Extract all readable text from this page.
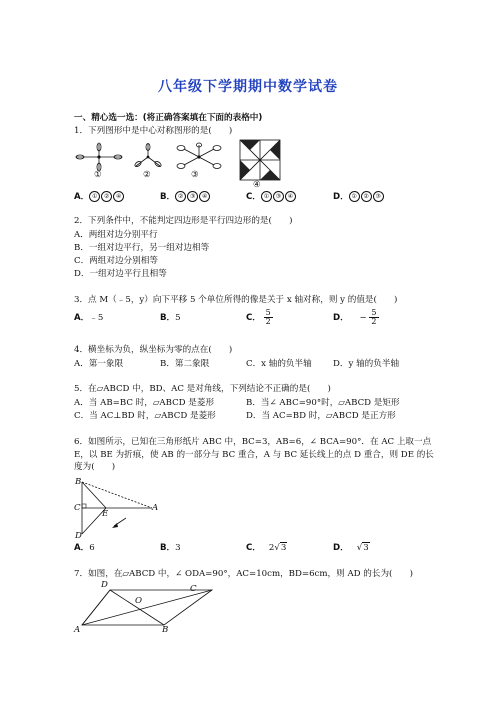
八年级下学期期中数学试卷
一、精心选一选：(将正确答案填在下面的表格中)
1．下列图形中是中心对称图形的是(　　)
①	②	③
④
A． ① ② ④	B． ② ③ ④	C． ① ③ ④	D． ① ② ③
2．下列条件中，不能判定四边形是平行四边形的是(　　)
A．两组对边分别平行
B．一组对边平行，另一组对边相等
C．两组对边分别相等
D．一组对边平行且相等
3．点 M（﹣5，y）向下平移 5 个单位所得的像是关于 x 轴对称，则 y 的值是(　　)
A．﹣5	B．5	C． $\frac{5}{2}$	D． − $\frac{5}{2}$
4．横坐标为负，纵坐标为零的点在(　　)
A．第一象限	B．第二象限	C．x 轴的负半轴 D．y 轴的负半轴
5．在▱ABCD 中，BD、AC 是对角线，下列结论不正确的是(　　)
A．当 AB=BC 时，▱ABCD 是菱形	B．当∠ ABC=90°时，▱ABCD 是矩形
C．当 AC⊥BD 时，▱ABCD 是菱形	D．当 AC=BD 时，▱ABCD 是正方形
6．如图所示，已知在三角形纸片 ABC 中，BC=3，AB=6，∠ BCA=90°．在 AC 上取一点 E，以 BE 为折痕，使 AB 的一部分与 BC 重合，A 与 BC 延长线上的点 D 重合，则 DE 的长度为(　　)
B
C
E
A
D
A．6	B．3	C． 2√3	D． √3
7．如图，在▱ABCD 中，∠ ODA=90°，AC=10cm，BD=6cm，则 AD 的长为(　　)
D
O
C
A	B
